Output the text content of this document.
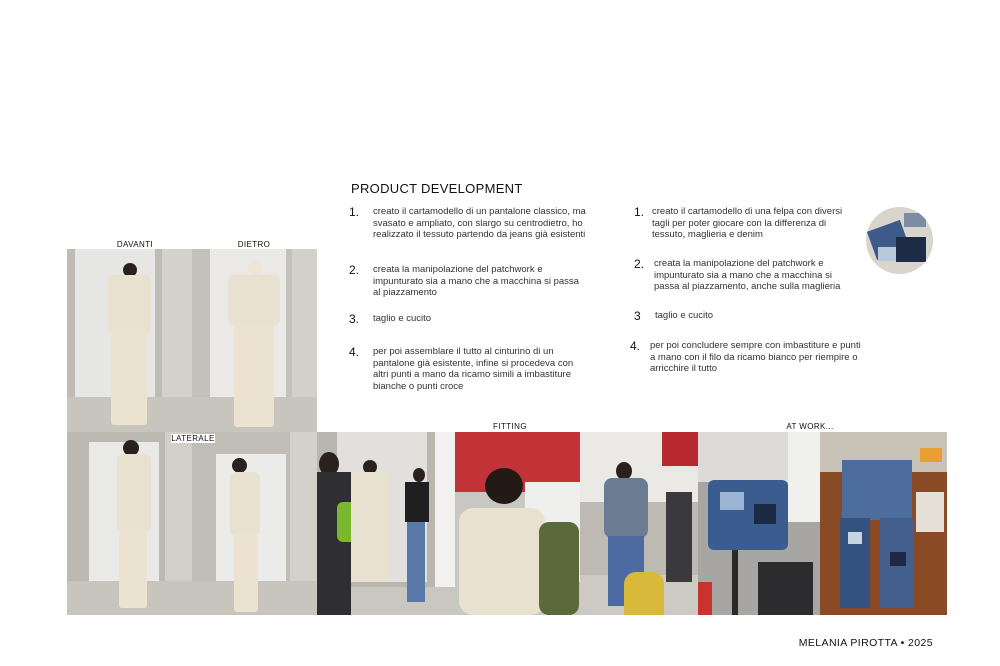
PRODUCT DEVELOPMENT
DAVANTI	DIETRO
FITTING	AT WORK...
1.	creato il cartamodello di un pantalone classico, ma svasato e ampliato, con slargo su centrodietro, ho realizzato il tessuto partendo da jeans già esistenti
2.	creata la manipolazione del patchwork e impunturato sia a mano che a macchina si passa al piazzamento
3.	taglio e cucito
4.	per poi assemblare il tutto al cinturino di un pantalone già esistente, infine si procedeva con altri punti a mano da ricamo simili a imbastiture bianche o punti croce
1. creato il cartamodello di una felpa con diversi tagli per poter giocare con la differenza di tessuto, maglieria e denim
2.	creata la manipolazione del patchwork e impunturato sia a mano che a macchina si passa al piazzamento, anche sulla maglieria
3	taglio e cucito
4.	per poi concludere sempre con imbastiture e punti a mano con il filo da ricamo bianco per riempire o arricchire il tutto
LATERALE
MELANIA PIROTTA • 2025
